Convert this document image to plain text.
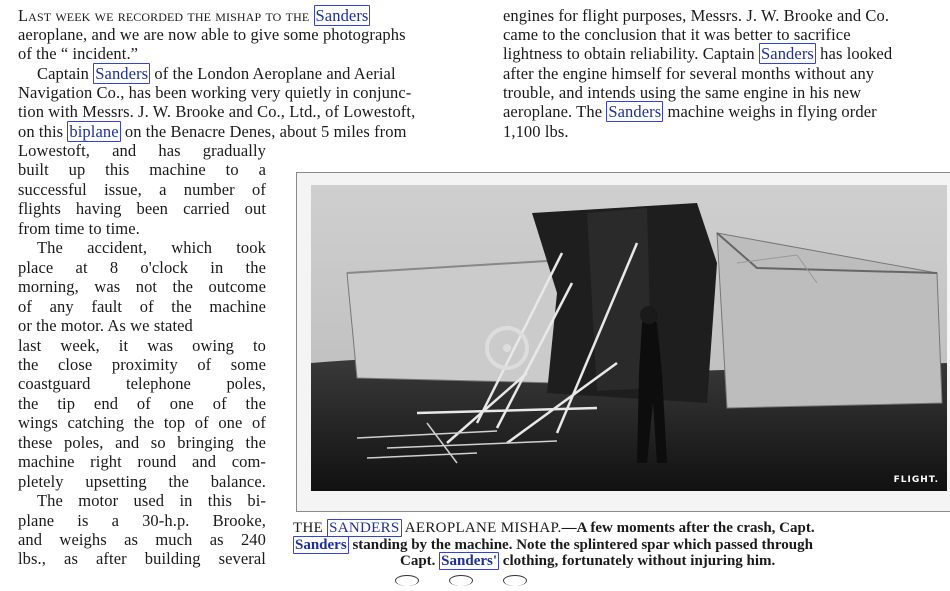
Last week we recorded the mishap to the Sanders
aeroplane, and we are now able to give some photographs
of the “ incident.”
Captain Sanders of the London Aeroplane and Aerial
Navigation Co., has been working very quietly in conjunc-
tion with Messrs. J. W. Brooke and Co., Ltd., of Lowestoft,
on this biplane on the Benacre Denes, about 5 miles from
Lowestoft, and has gradually
built up this machine to a
successful issue, a number of
flights having been carried out
from time to time.
The accident, which took
place at 8 o'clock in the
morning, was not the outcome
of any fault of the machine
or the motor. As we stated
last week, it was owing to
the close proximity of some
coastguard telephone poles,
the tip end of one of the
wings catching the top of one of
these poles, and so bringing the
machine right round and com-
pletely upsetting the balance.
The motor used in this bi-
plane is a 30-h.p. Brooke,
and weighs as much as 240
lbs., as after building several
engines for flight purposes, Messrs. J. W. Brooke and Co.
came to the conclusion that it was better to sacrifice
lightness to obtain reliability. Captain Sanders has looked
after the engine himself for several months without any
trouble, and intends using the same engine in his new
aeroplane. The Sanders machine weighs in flying order
1,100 lbs.
FLIGHT.
THE SANDERS AEROPLANE MISHAP.—A few moments after the crash, Capt.
Sanders standing by the machine. Note the splintered spar which passed through
Capt. Sanders' clothing, fortunately without injuring him.
